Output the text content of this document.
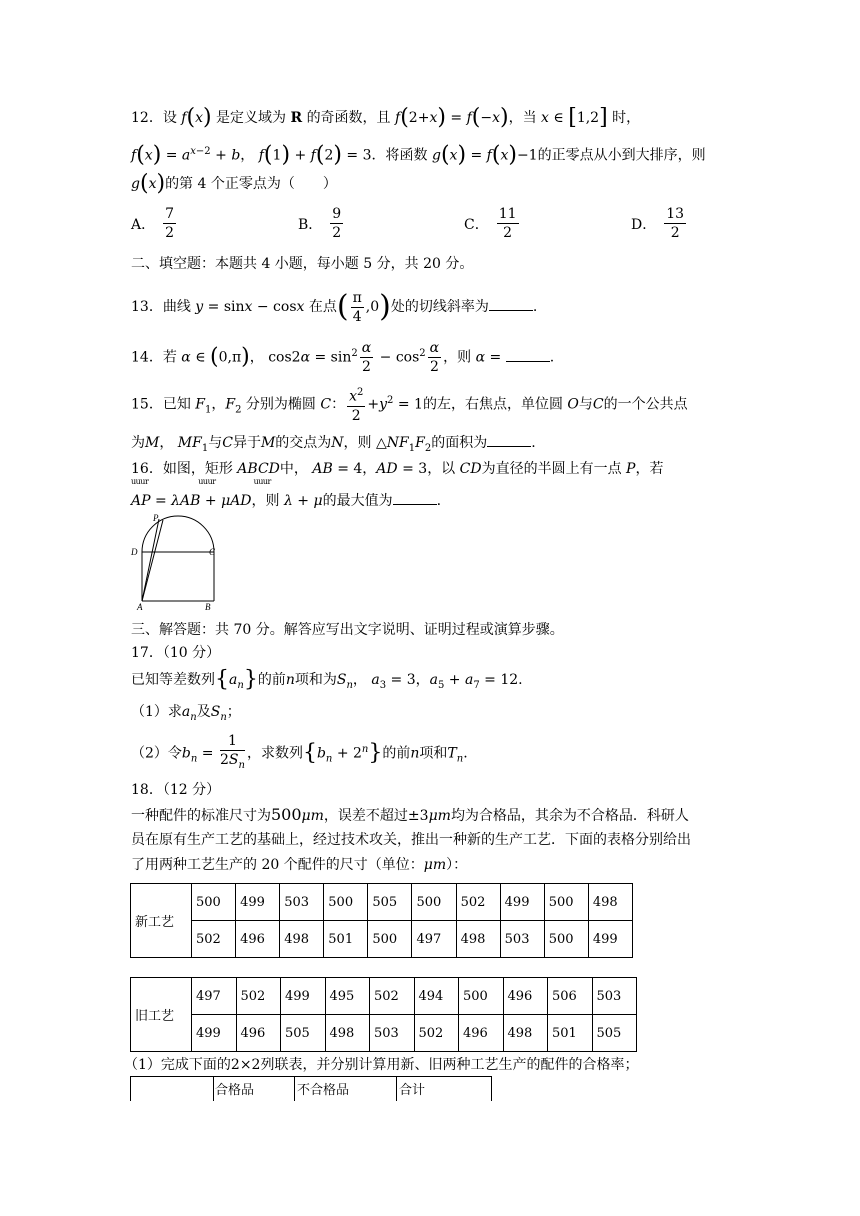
12．设 f(x) 是定义域为 R 的奇函数，且 f(2+x) = f(−x)，当 x ∈ [1,2] 时，
$f(x) = a^{x-2} + b$， f(1) + f(2) = 3．将函数 g(x) = f(x)−1的正零点从小到大排序，则
g(x)的第 4 个正零点为（　　）
A． $\frac{7}{2}$	B． $\frac{9}{2}$	C． $\frac{11}{2}$	D． $\frac{13}{2}$
二、填空题：本题共 4 小题，每小题 5 分，共 20 分。
13．曲线 y = sinx − cosx 在点( $\frac{\pi}{4} ,0$)处的切线斜率为	.
14．若 α ∈ (0,π)， $\cos 2\alpha = \sin^2 \frac{\alpha}{2} - \cos^2 \frac{\alpha}{2}$ ，则 α =	.
15．已知 $F_1$，$F_2$ 分别为椭圆 C： $\frac{x^2}{2} +y^2 = 1$的左，右焦点，单位圆 O与C的一个公共点
为M， $MF_1$与C异于M的交点为N，则 $\triangle NF_1F_2$的面积为	.
16．如图，矩形 ABCD中， AB = 4，AD = 3，以 CD为直径的半圆上有一点 P，若
uuur	uuur	uuur
AP = λAB + μAD，则 λ + μ的最大值为	.
P
D	C
A	B
三、解答题：共 70 分。解答应写出文字说明、证明过程或演算步骤。
17．（10 分）
已知等差数列$\{a_n\}$的前n项和为$S_n$， $a_3 = 3$，$a_5 + a_7 = 12$.
（1）求$a_n$及$S_n$；
（2）令$b_n = \frac{1}{2S_n}$ ，求数列$\{b_n + 2^n\}$的前n项和$T_n$.
18．（12 分）
一种配件的标准尺寸为500μm，误差不超过±3μm均为合格品，其余为不合格品．科研人
员在原有生产工艺的基础上，经过技术攻关，推出一种新的生产工艺．下面的表格分别给出
了用两种工艺生产的 20 个配件的尺寸（单位：μm）：
新工艺	500	499	503	500	505	500	502	499	500	498
	502	496	498	501	500	497	498	503	500	499
旧工艺	497	502	499	495	502	494	500	496	506	503
	499	496	505	498	503	502	496	498	501	505
（1）完成下面的2×2列联表，并分别计算用新、旧两种工艺生产的配件的合格率；
合格品	不合格品	合计
